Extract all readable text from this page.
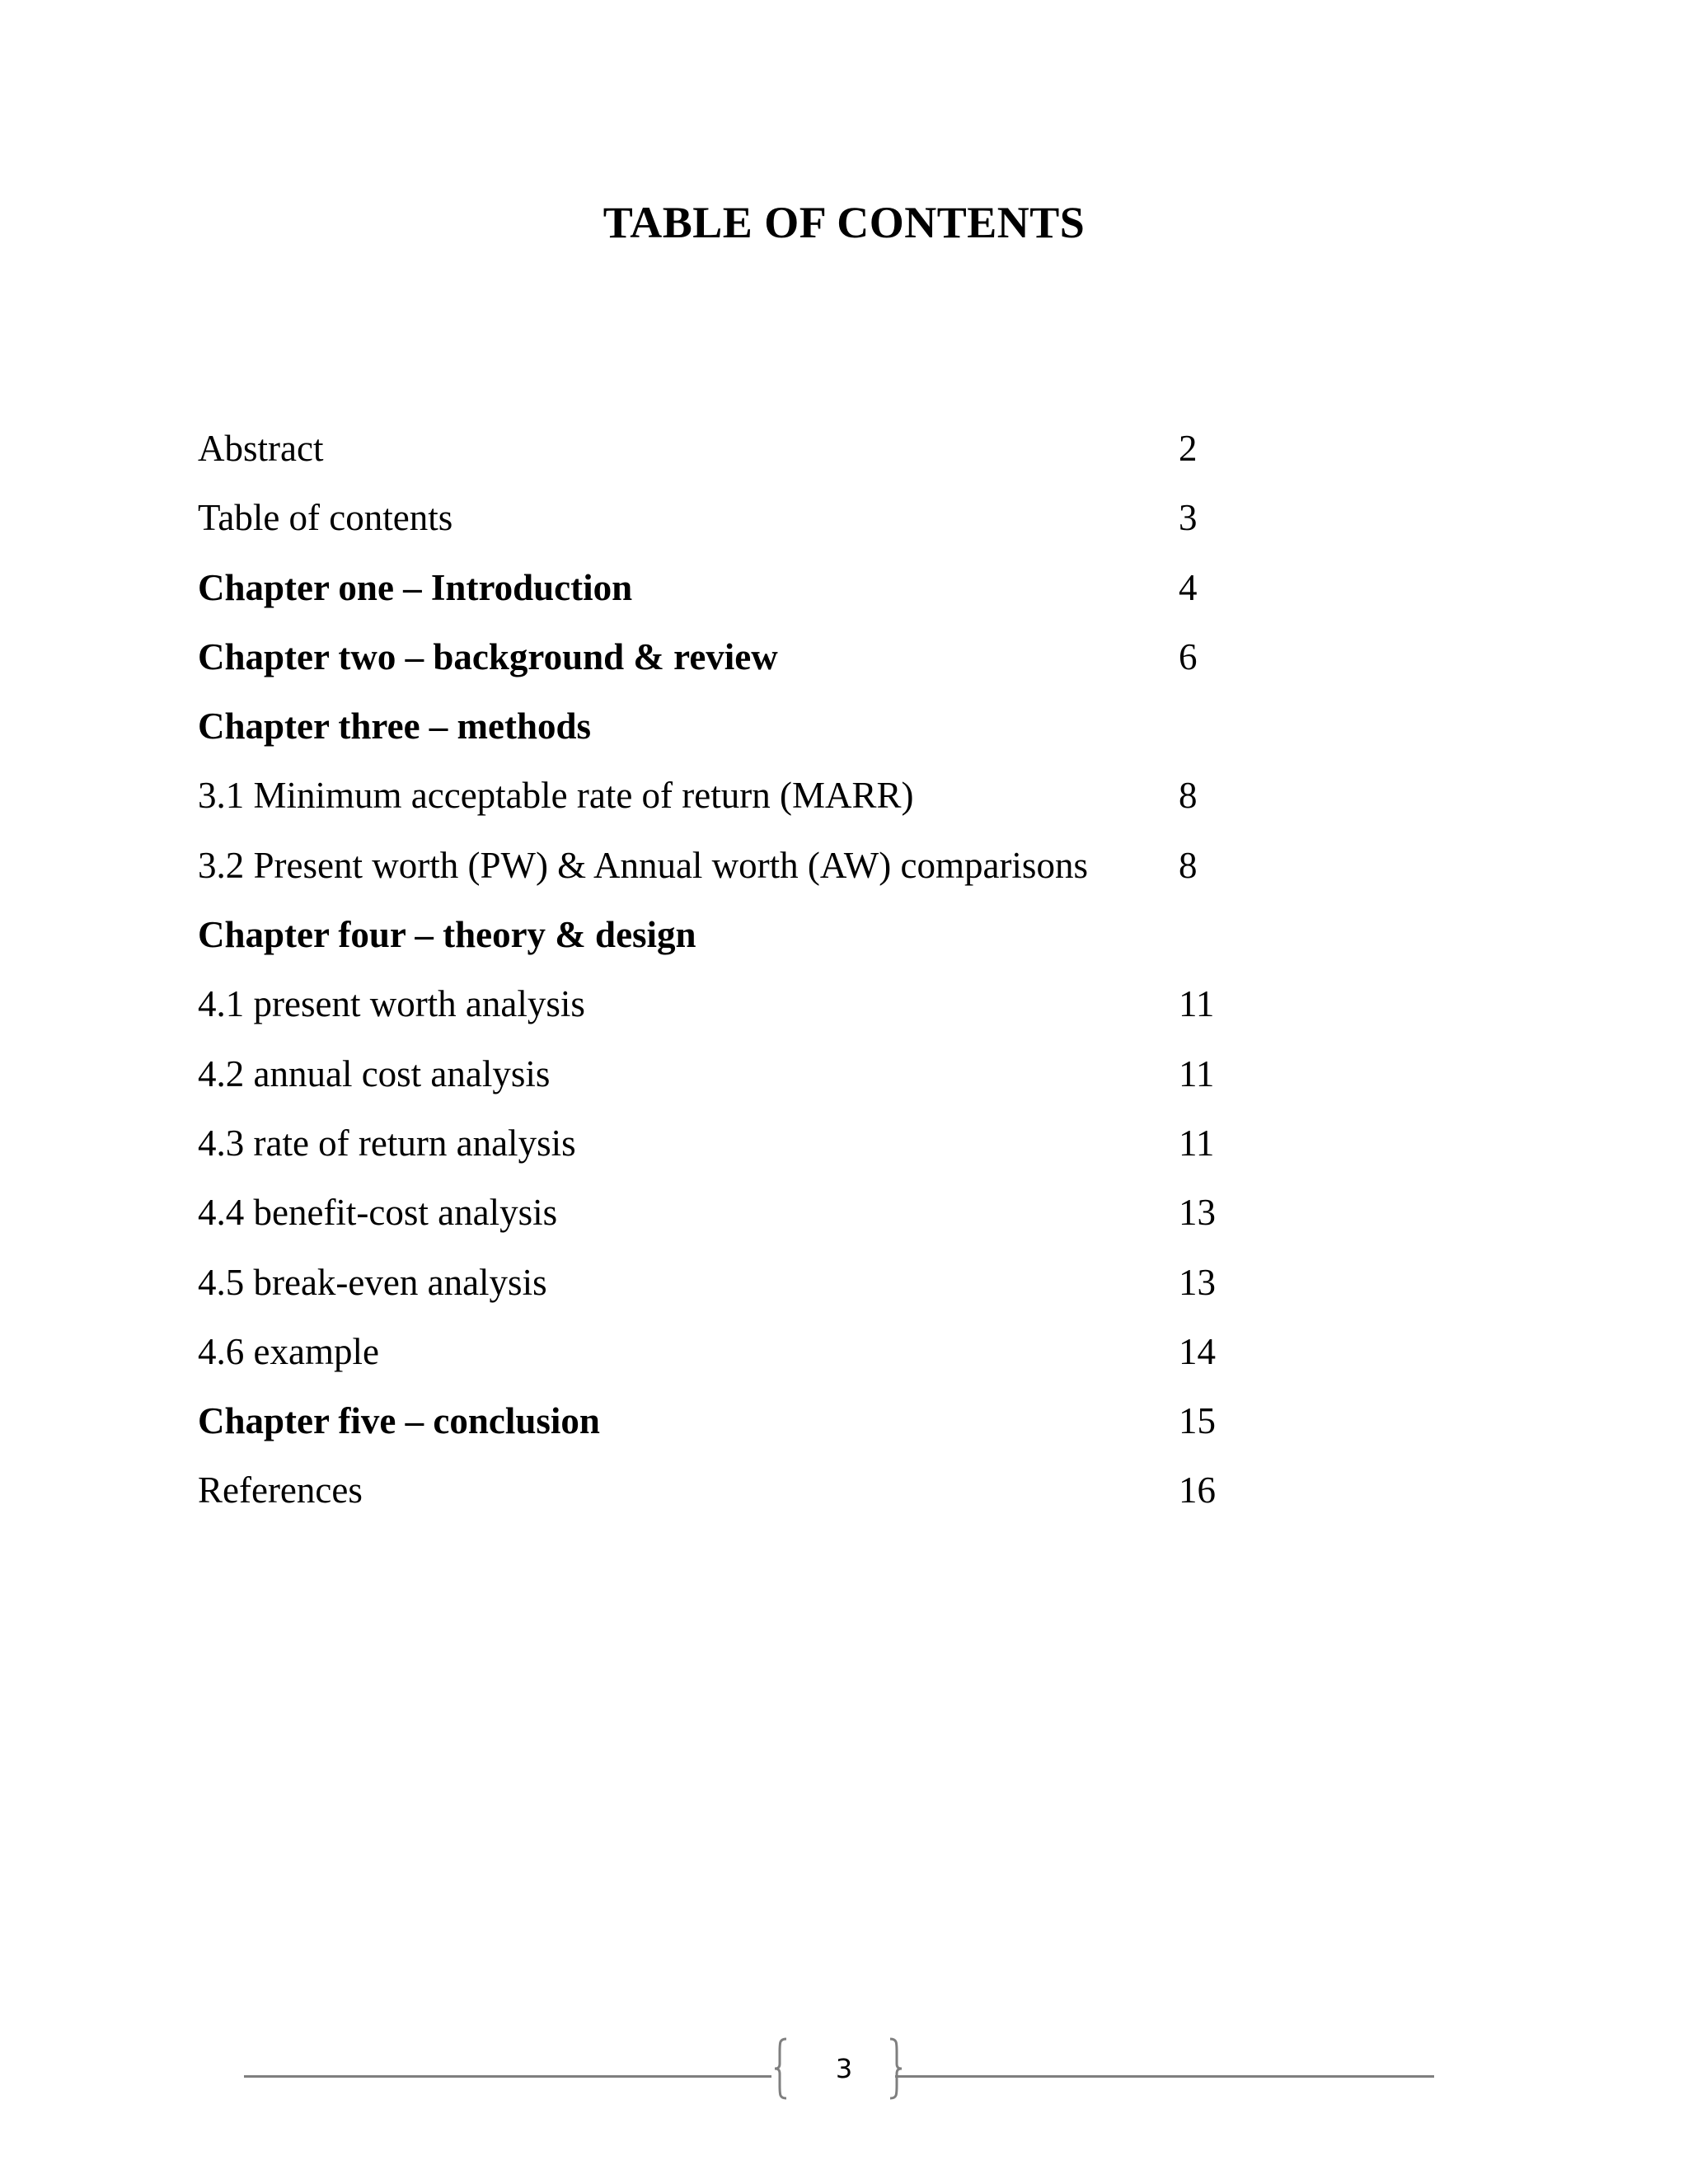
TABLE OF CONTENTS
Abstract	2
Table of contents	3
Chapter one – Introduction	4
Chapter two – background & review	6
Chapter three – methods
3.1 Minimum acceptable rate of return (MARR)	8
3.2 Present worth (PW) & Annual worth (AW) comparisons 8
Chapter four – theory & design
4.1 present worth analysis	11
4.2 annual cost analysis	11
4.3 rate of return analysis	11
4.4 benefit-cost analysis	13
4.5 break-even analysis	13
4.6 example	14
Chapter five – conclusion	15
References	16
3
